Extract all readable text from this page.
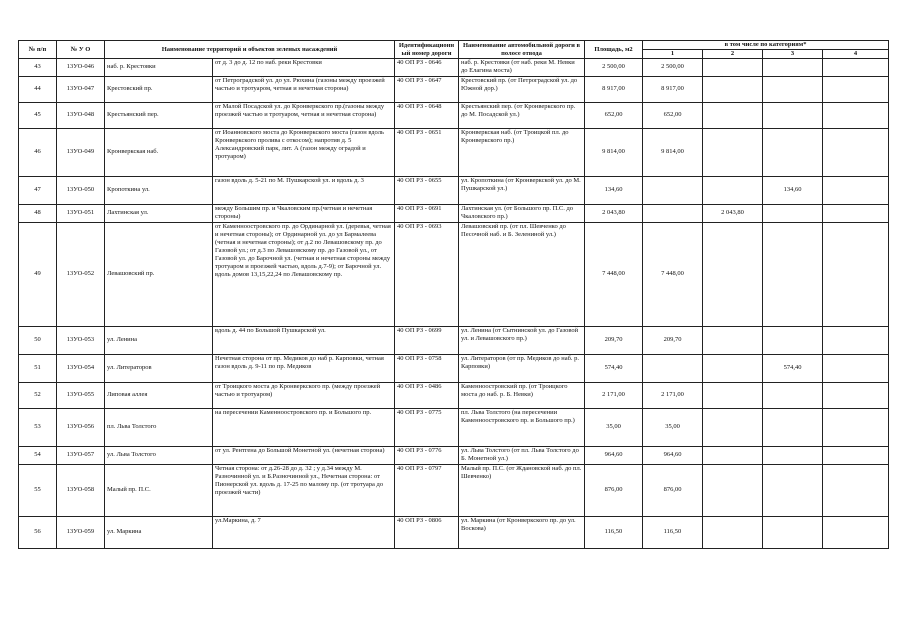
№ п/п	№ У О	Наименование территорий и объектов зеленых насаждений		Идентификационный номер дороги	Наименование автомобильной дороги в полосе отвода	Площадь, м2	в том числе по категориям*			
							1	2	3	4
43	13УО-046	наб. р. Крестовки	от д. 3 до д. 12 по наб. реки Крестовки	40 ОП РЗ - 0646	наб. р. Крестовки (от наб. реки М. Невки до Елагина моста)	2 500,00	2 500,00			
44	13УО-047	Крестовский пр.	от Петроградской ул. до ул. Рюхина (газоны между проезжей частью и тротуаром, четная и нечетная сторона)	40 ОП РЗ - 0647	Крестовский пр. (от Петроградской ул. до Южной дор.)	8 917,00	8 917,00			
45	13УО-048	Крестьянский пер.	от Малой Посадской ул. до Кронверкского пр.(газоны между проезжей частью и тротуаром, четная и нечетная сторона)	40 ОП РЗ - 0648	Крестьянский пер. (от Кронверкского пр. до М. Посадской ул.)	652,00	652,00			
46	13УО-049	Кронверкская наб.	от Иоанновского моста до Кронверкского моста (газон вдоль Кронверкского пролива с откосом); напротив д. 5 Александровский парк, лит. А (газон между оградой и тротуаром)	40 ОП РЗ - 0651	Кронверкская наб. (от Троицкой пл. до Кронверкского пр.)	9 814,00	9 814,00			
47	13УО-050	Кропоткина ул.	газон вдоль д. 5-21 по М. Пушкарской ул. и вдоль д. 3	40 ОП РЗ - 0655	ул. Кропоткина (от Кронверкской ул. до М. Пушкарской ул.)	134,60			134,60	
48	13УО-051	Лахтинская ул.	между Большим пр. и Чкаловским пр.(четная и нечетная стороны)	40 ОП РЗ - 0691	Лахтинская ул. (от Большого пр. П.С. до Чкаловского пр.)	2 043,80		2 043,80		
49	13УО-052	Левашовский пр.	от Каменноостровского пр. до Ординарной ул. (деревья, четная и нечетная стороны); от Ординарной ул. до ул Бармалеева (четная и нечетная стороны); от д.2 по Левашовскому пр. до Газовой ул.; от д.3 по Левашовскому пр. до Газовой ул., от Газовой ул. до Барочной ул. (четная и нечетная стороны между тротуаром и проезжей частью, вдоль д.7-9); от Барочной ул. вдоль домов 13,15,22,24 по Левашовскому пр.	40 ОП РЗ - 0693	Левашовский пр. (от пл. Шевченко до Песочной наб. и Б. Зелениной ул.)	7 448,00	7 448,00			
50	13УО-053	ул. Ленина	вдоль д. 44 по Большой Пушкарской ул.	40 ОП РЗ - 0699	ул. Ленина (от Сытнинской ул. до Газовой ул. и Левашовского пр.)	209,70	209,70			
51	13УО-054	ул. Литераторов	Нечетная сторона от пр. Медиков до наб р. Карповки, четная газон вдоль д. 9-11 по пр. Медиков	40 ОП РЗ - 0758	ул. Литераторов (от пр. Медиков до наб. р. Карповки)	574,40			574,40	
52	13УО-055	Липовая аллея	от Троицкого моста до Кронверкского пр. (между проезжей частью и тротуаром)	40 ОП РЗ - 0486	Каменноостровский пр. (от Троицкого моста до наб. р. Б. Невки)	2 171,00	2 171,00			
53	13УО-056	пл. Льва Толстого	на пересечении Каменноостровского пр. и Большого пр.	40 ОП РЗ - 0775	пл. Льва Толстого (на пересечении Каменноостровского пр. и Большого пр.)	35,00	35,00			
54	13УО-057	ул. Льва Толстого	от ул. Рентгена до Большой Монетной ул. (нечетная сторона)	40 ОП РЗ - 0776	ул. Льва Толстого (от пл. Льва Толстого до Б. Монетной ул.)	964,60	964,60			
55	13УО-058	Малый пр. П.С.	Четная сторона: от д.26-28 до д. 32 ; у д.34 между М. Разночинной ул. и Б.Разночинной ул., Нечетная сторона: от Пионерской ул. вдоль д. 17-25 по малому пр. (от тротуара до проезжей части)	40 ОП РЗ - 0797	Малый пр. П.С. (от Ждановской наб. до пл. Шевченко)	876,00	876,00			
56	13УО-059	ул. Маркина	ул.Маркина, д. 7	40 ОП РЗ - 0806	ул. Маркина (от Кронверкского пр. до ул. Воскова)	116,50	116,50			
